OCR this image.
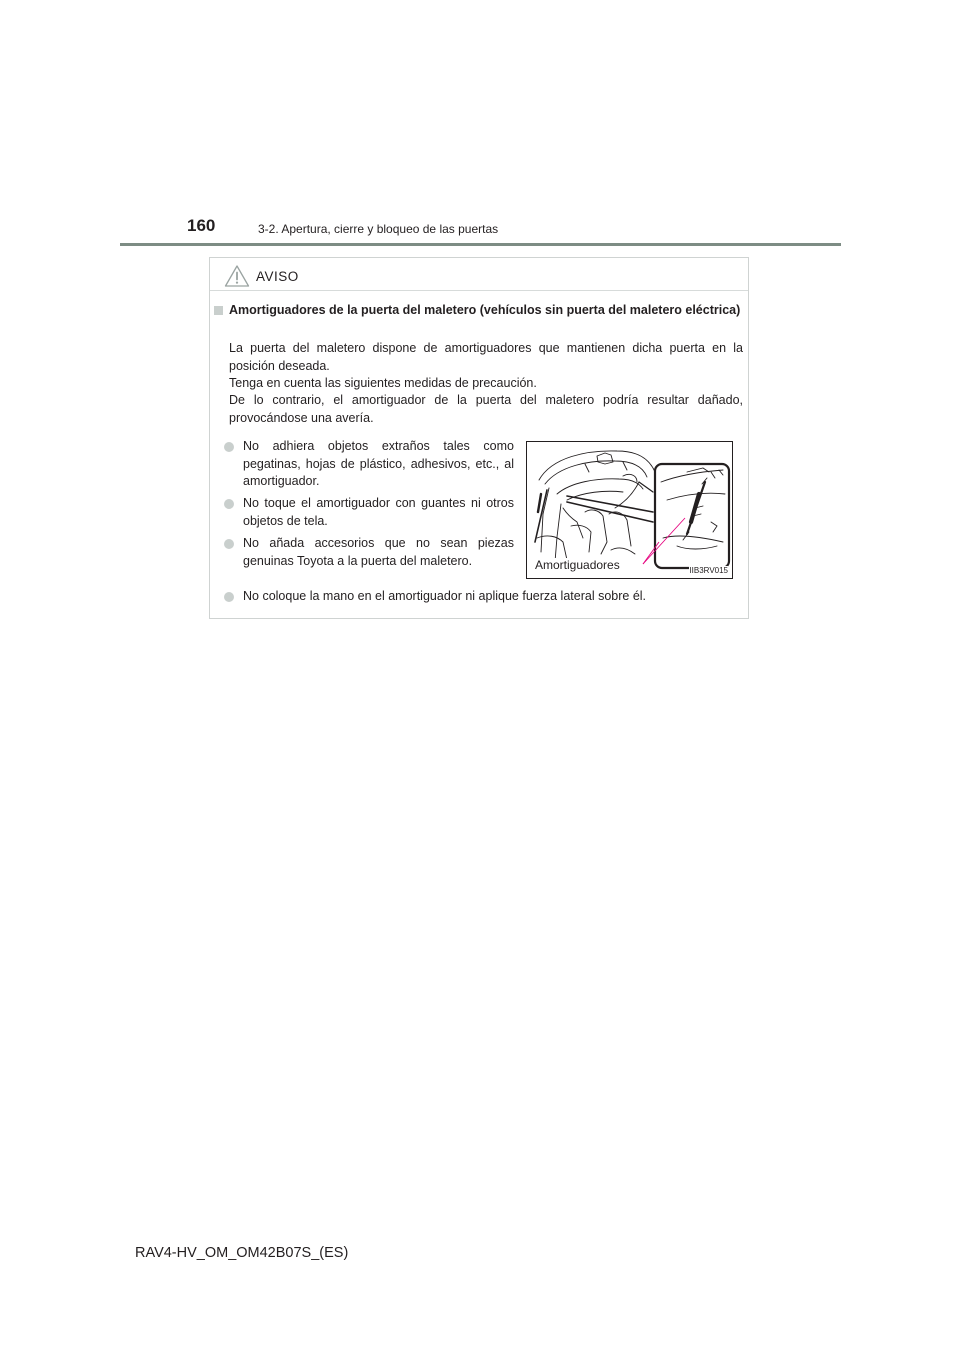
160	3-2. Apertura, cierre y bloqueo de las puertas
AVISO
Amortiguadores de la puerta del maletero (vehículos sin puerta del maletero eléctrica)

La puerta del maletero dispone de amortiguadores que mantienen dicha puerta en la posición deseada.

Tenga en cuenta las siguientes medidas de precaución.

De lo contrario, el amortiguador de la puerta del maletero podría resultar dañado, provocándose una avería.

No adhiera objetos extraños tales como pegatinas, hojas de plástico, adhesivos, etc., al amortiguador.
No toque el amortiguador con guantes ni otros objetos de tela.
No añada accesorios que no sean piezas genuinas Toyota a la puerta del maletero.	Amortiguadores	IIB3RV015
No coloque la mano en el amortiguador ni aplique fuerza lateral sobre él.
RAV4-HV_OM_OM42B07S_(ES)
